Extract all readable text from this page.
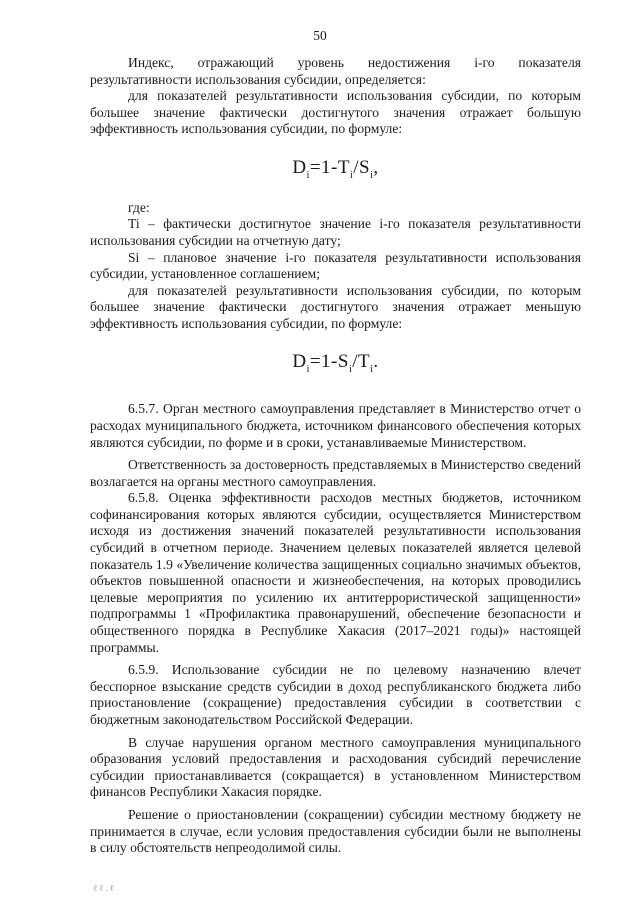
50

Индекс, отражающий уровень недостижения i-го показателя результативности использования субсидии, определяется:

для показателей результативности использования субсидии, по которым большее значение фактически достигнутого значения отражает большую эффективность использования субсидии, по формуле:

$D_i=1-T_i/S_i$,

где:

Ti – фактически достигнутое значение i-го показателя результативности использования субсидии на отчетную дату;

Si – плановое значение i-го показателя результативности использования субсидии, установленное соглашением;

для показателей результативности использования субсидии, по которым большее значение фактически достигнутого значения отражает меньшую эффективность использования субсидии, по формуле:

$D_i=1-S_i/T_i$.

6.5.7. Орган местного самоуправления представляет в Министерство отчет о расходах муниципального бюджета, источником финансового обеспечения которых являются субсидии, по форме и в сроки, устанавливаемые Министерством.

Ответственность за достоверность представляемых в Министерство сведений возлагается на органы местного самоуправления.

6.5.8. Оценка эффективности расходов местных бюджетов, источником софинансирования которых являются субсидии, осуществляется Министерством исходя из достижения значений показателей результативности использования субсидий в отчетном периоде. Значением целевых показателей является целевой показатель 1.9 «Увеличение количества защищенных социально значимых объектов, объектов повышенной опасности и жизнеобеспечения, на которых проводились целевые мероприятия по усилению их антитеррористической защищенности» подпрограммы 1 «Профилактика правонарушений, обеспечение безопасности и общественного порядка в Республике Хакасия (2017–2021 годы)» настоящей программы.

6.5.9. Использование субсидии не по целевому назначению влечет бесспорное взыскание средств субсидии в доход республиканского бюджета либо приостановление (сокращение) предоставления субсидии в соответствии с бюджетным законодательством Российской Федерации.

В случае нарушения органом местного самоуправления муниципального образования условий предоставления и расходования субсидий перечисление субсидии приостанавливается (сокращается) в установленном Министерством финансов Республики Хакасия порядке.

Решение о приостановлении (сокращении) субсидии местному бюджету не принимается в случае, если условия предоставления субсидии были не выполнены в силу обстоятельств непреодолимой силы.

ℓℓ.ℓ
